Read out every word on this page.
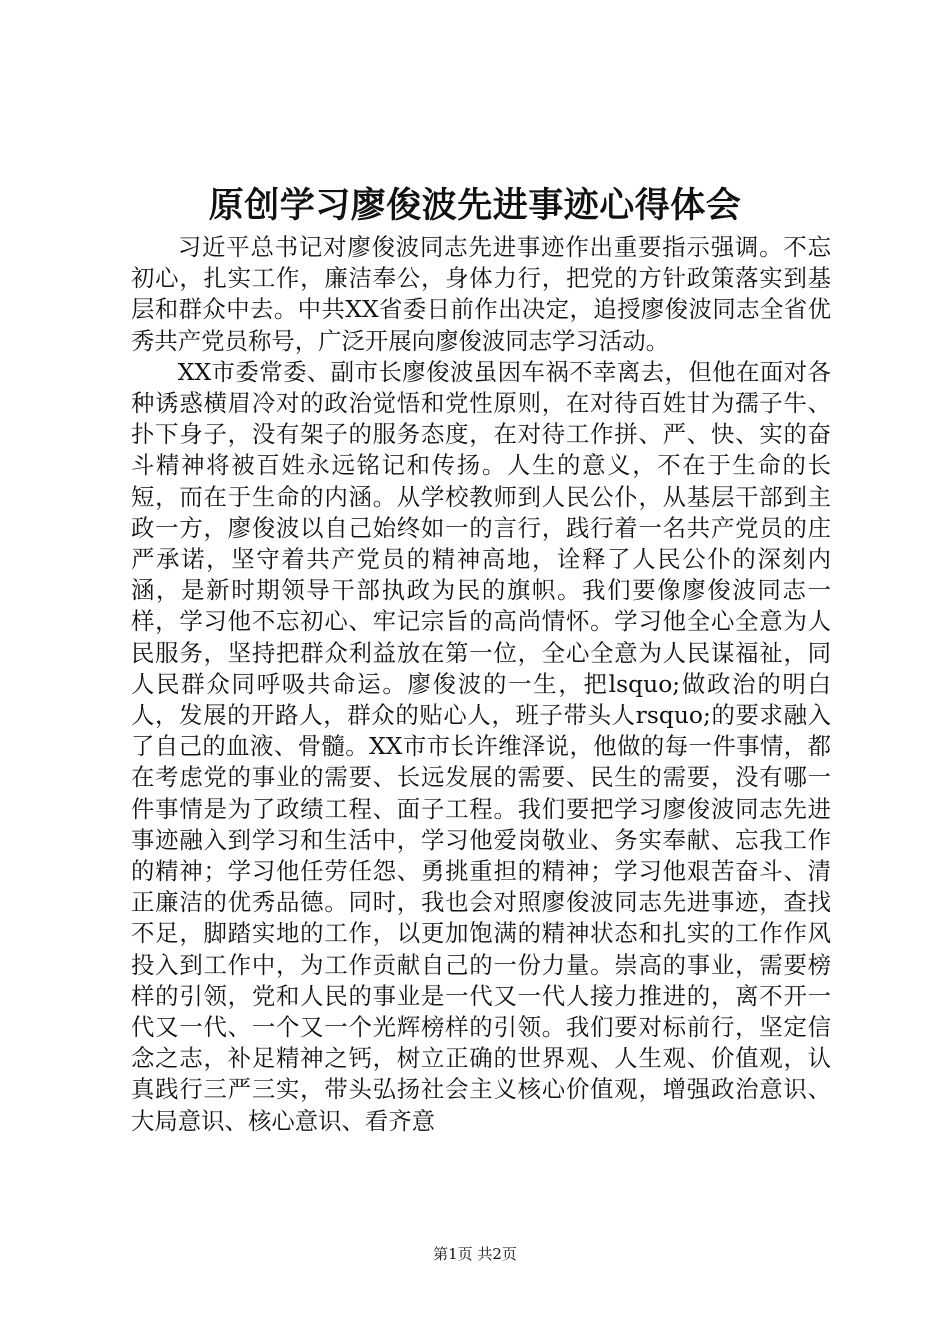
原创学习廖俊波先进事迹心得体会

习近平总书记对廖俊波同志先进事迹作出重要指示强调。不忘初心，扎实工作，廉洁奉公，身体力行，把党的方针政策落实到基层和群众中去。中共XX省委日前作出决定，追授廖俊波同志全省优秀共产党员称号，广泛开展向廖俊波同志学习活动。

XX市委常委、副市长廖俊波虽因车祸不幸离去，但他在面对各种诱惑横眉冷对的政治觉悟和党性原则，在对待百姓甘为孺子牛、扑下身子，没有架子的服务态度，在对待工作拼、严、快、实的奋斗精神将被百姓永远铭记和传扬。人生的意义，不在于生命的长短，而在于生命的内涵。从学校教师到人民公仆，从基层干部到主政一方，廖俊波以自己始终如一的言行，践行着一名共产党员的庄严承诺，坚守着共产党员的精神高地，诠释了人民公仆的深刻内涵，是新时期领导干部执政为民的旗帜。我们要像廖俊波同志一样，学习他不忘初心、牢记宗旨的高尚情怀。学习他全心全意为人民服务，坚持把群众利益放在第一位，全心全意为人民谋福祉，同人民群众同呼吸共命运。廖俊波的一生，把lsquo;做政治的明白人，发展的开路人，群众的贴心人，班子带头人rsquo;的要求融入了自己的血液、骨髓。XX市市长许维泽说，他做的每一件事情，都在考虑党的事业的需要、长远发展的需要、民生的需要，没有哪一件事情是为了政绩工程、面子工程。我们要把学习廖俊波同志先进事迹融入到学习和生活中，学习他爱岗敬业、务实奉献、忘我工作的精神；学习他任劳任怨、勇挑重担的精神；学习他艰苦奋斗、清正廉洁的优秀品德。同时，我也会对照廖俊波同志先进事迹，查找不足，脚踏实地的工作，以更加饱满的精神状态和扎实的工作作风投入到工作中，为工作贡献自己的一份力量。崇高的事业，需要榜样的引领，党和人民的事业是一代又一代人接力推进的，离不开一代又一代、一个又一个光辉榜样的引领。我们要对标前行，坚定信念之志，补足精神之钙，树立正确的世界观、人生观、价值观，认真践行三严三实，带头弘扬社会主义核心价值观，增强政治意识、大局意识、核心意识、看齐意

第1页 共2页
